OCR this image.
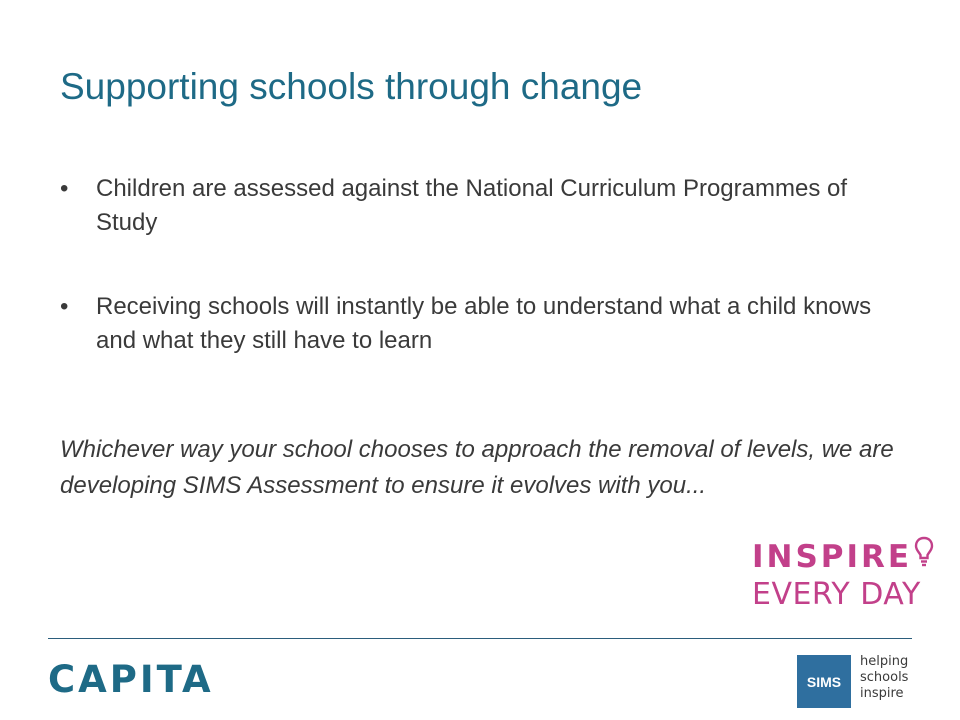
Supporting schools through change
• Children are assessed against the National Curriculum Programmes of Study
• Receiving schools will instantly be able to understand what a child knows and what they still have to learn

Whichever way your school chooses to approach the removal of levels, we are developing SIMS Assessment to ensure it evolves with you...

INSPIRE
EVERY DAY
CAPITA	SIMS
helping
schools
inspire
